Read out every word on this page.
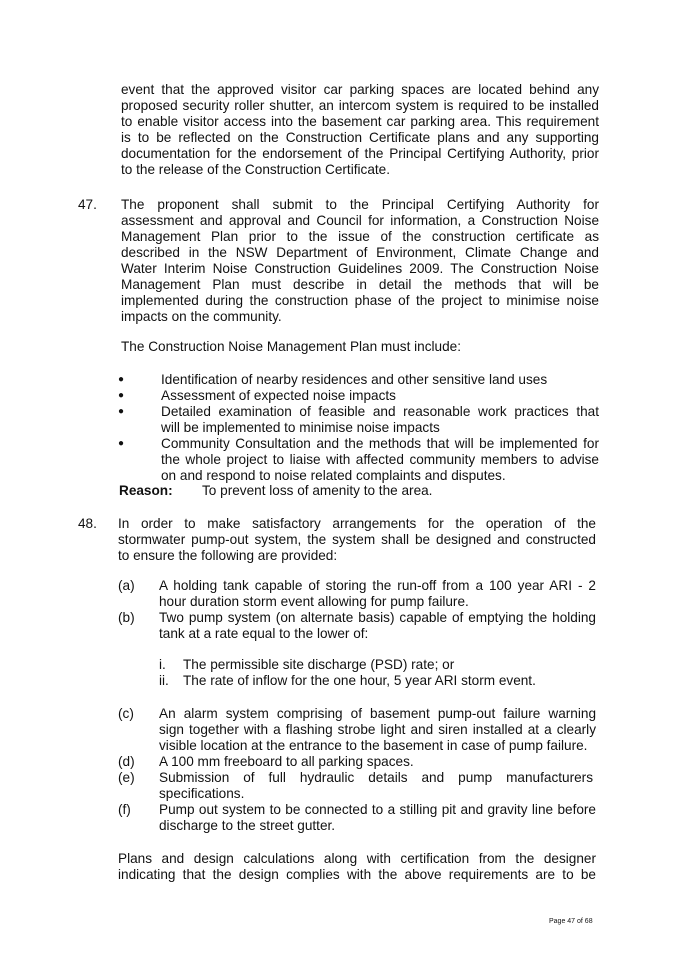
event that the approved visitor car parking spaces are located behind any
proposed security roller shutter, an intercom system is required to be installed
to enable visitor access into the basement car parking area. This requirement
is to be reflected on the Construction Certificate plans and any supporting
documentation for the endorsement of the Principal Certifying Authority, prior
to the release of the Construction Certificate.
47. The proponent shall submit to the Principal Certifying Authority for
assessment and approval and Council for information, a Construction Noise
Management Plan prior to the issue of the construction certificate as
described in the NSW Department of Environment, Climate Change and
Water Interim Noise Construction Guidelines 2009. The Construction Noise
Management Plan must describe in detail the methods that will be
implemented during the construction phase of the project to minimise noise
impacts on the community.
The Construction Noise Management Plan must include:
●	Identification of nearby residences and other sensitive land uses
●	Assessment of expected noise impacts
●	Detailed examination of feasible and reasonable work practices that
will be implemented to minimise noise impacts
●	Community Consultation and the methods that will be implemented for
the whole project to liaise with affected community members to advise
on and respond to noise related complaints and disputes.
Reason: To prevent loss of amenity to the area.
48. In order to make satisfactory arrangements for the operation of the
stormwater pump-out system, the system shall be designed and constructed
to ensure the following are provided:
(a) A holding tank capable of storing the run-off from a 100 year ARI - 2
hour duration storm event allowing for pump failure.
(b) Two pump system (on alternate basis) capable of emptying the holding
tank at a rate equal to the lower of:
i. The permissible site discharge (PSD) rate; or
ii. The rate of inflow for the one hour, 5 year ARI storm event.
(c) An alarm system comprising of basement pump-out failure warning
sign together with a flashing strobe light and siren installed at a clearly
visible location at the entrance to the basement in case of pump failure.
(d) A 100 mm freeboard to all parking spaces.
(e) Submission of full hydraulic details and pump manufacturers
specifications.
(f) Pump out system to be connected to a stilling pit and gravity line before
discharge to the street gutter.
Plans and design calculations along with certification from the designer
indicating that the design complies with the above requirements are to be
Page 47 of 68
